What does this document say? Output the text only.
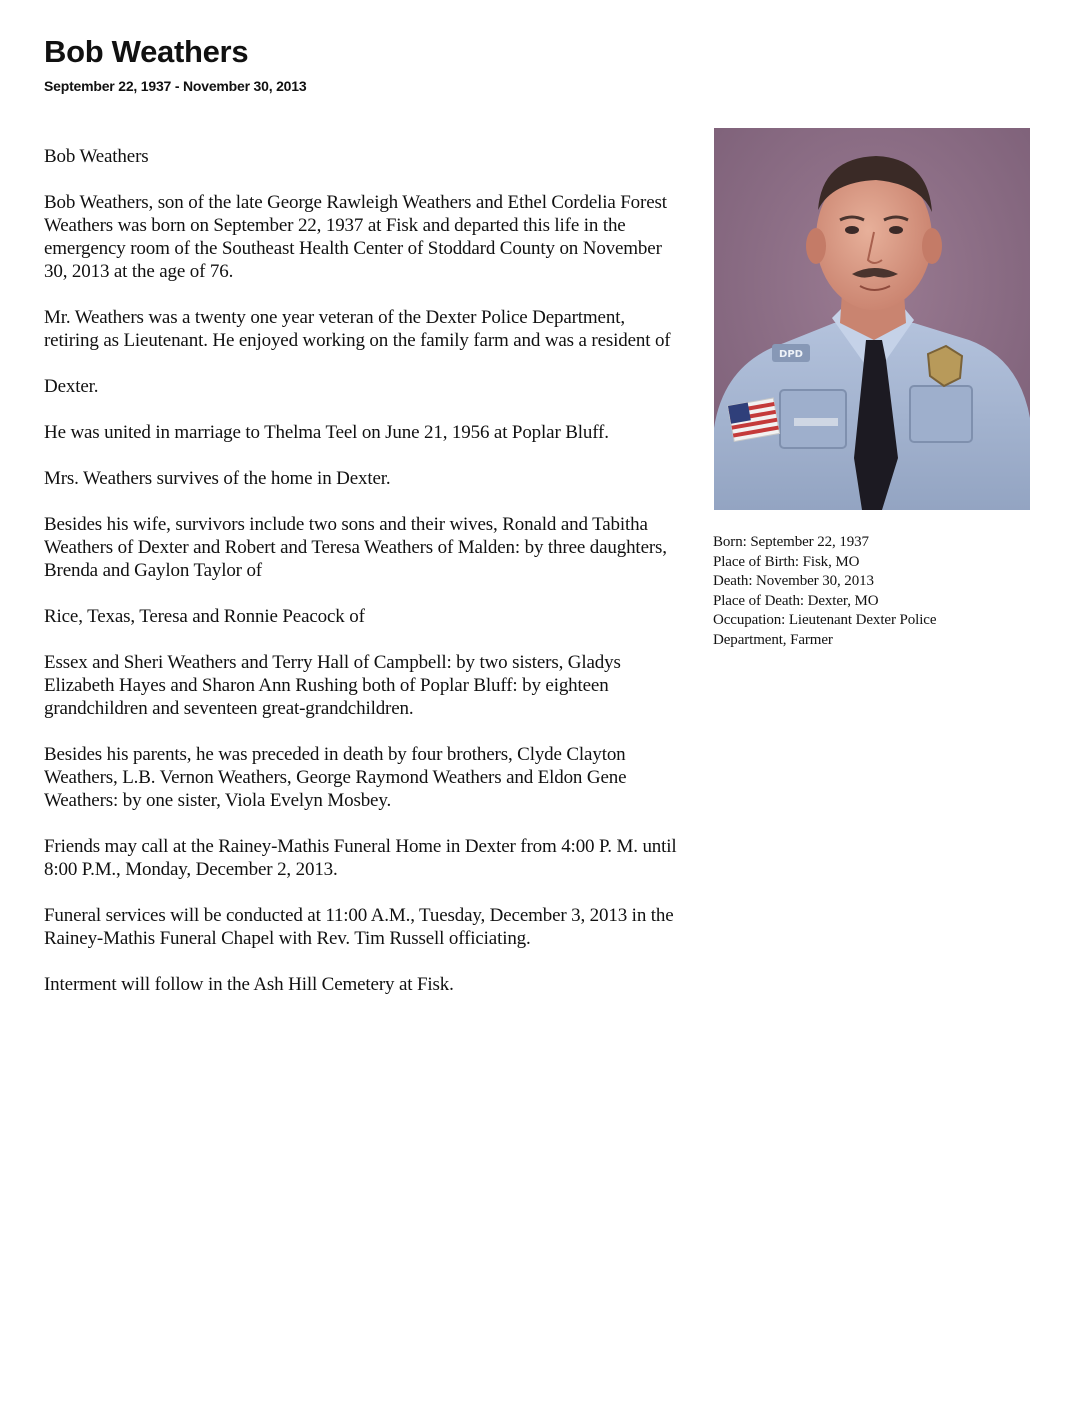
Bob Weathers
September 22, 1937 - November 30, 2013

Bob Weathers

Bob Weathers, son of the late George Rawleigh Weathers and Ethel Cordelia Forest Weathers was born on September 22, 1937 at Fisk and departed this life in the emergency room of the Southeast Health Center of Stoddard County on November 30, 2013 at the age of 76.

Mr. Weathers was a twenty one year veteran of the Dexter Police Department, retiring as Lieutenant. He enjoyed working on the family farm and was a resident of

Dexter.

He was united in marriage to Thelma Teel on June 21, 1956 at Poplar Bluff.

Mrs. Weathers survives of the home in Dexter.

Besides his wife, survivors include two sons and their wives, Ronald and Tabitha Weathers of Dexter and Robert and Teresa Weathers of Malden: by three daughters, Brenda and Gaylon Taylor of

Rice, Texas, Teresa and Ronnie Peacock of

Essex and Sheri Weathers and Terry Hall of Campbell: by two sisters, Gladys Elizabeth Hayes and Sharon Ann Rushing both of Poplar Bluff: by eighteen grandchildren and seventeen great-grandchildren.

Besides his parents, he was preceded in death by four brothers, Clyde Clayton Weathers, L.B. Vernon Weathers, George Raymond Weathers and Eldon Gene Weathers: by one sister, Viola Evelyn Mosbey.

Friends may call at the Rainey-Mathis Funeral Home in Dexter from 4:00 P. M. until 8:00 P.M., Monday, December 2, 2013.

Funeral services will be conducted at 11:00 A.M., Tuesday, December 3, 2013 in the Rainey-Mathis Funeral Chapel with Rev. Tim Russell officiating.

Interment will follow in the Ash Hill Cemetery at Fisk.

DPD
Born: September 22, 1937
Place of Birth: Fisk, MO
Death: November 30, 2013
Place of Death: Dexter, MO
Occupation: Lieutenant Dexter Police
Department, Farmer
